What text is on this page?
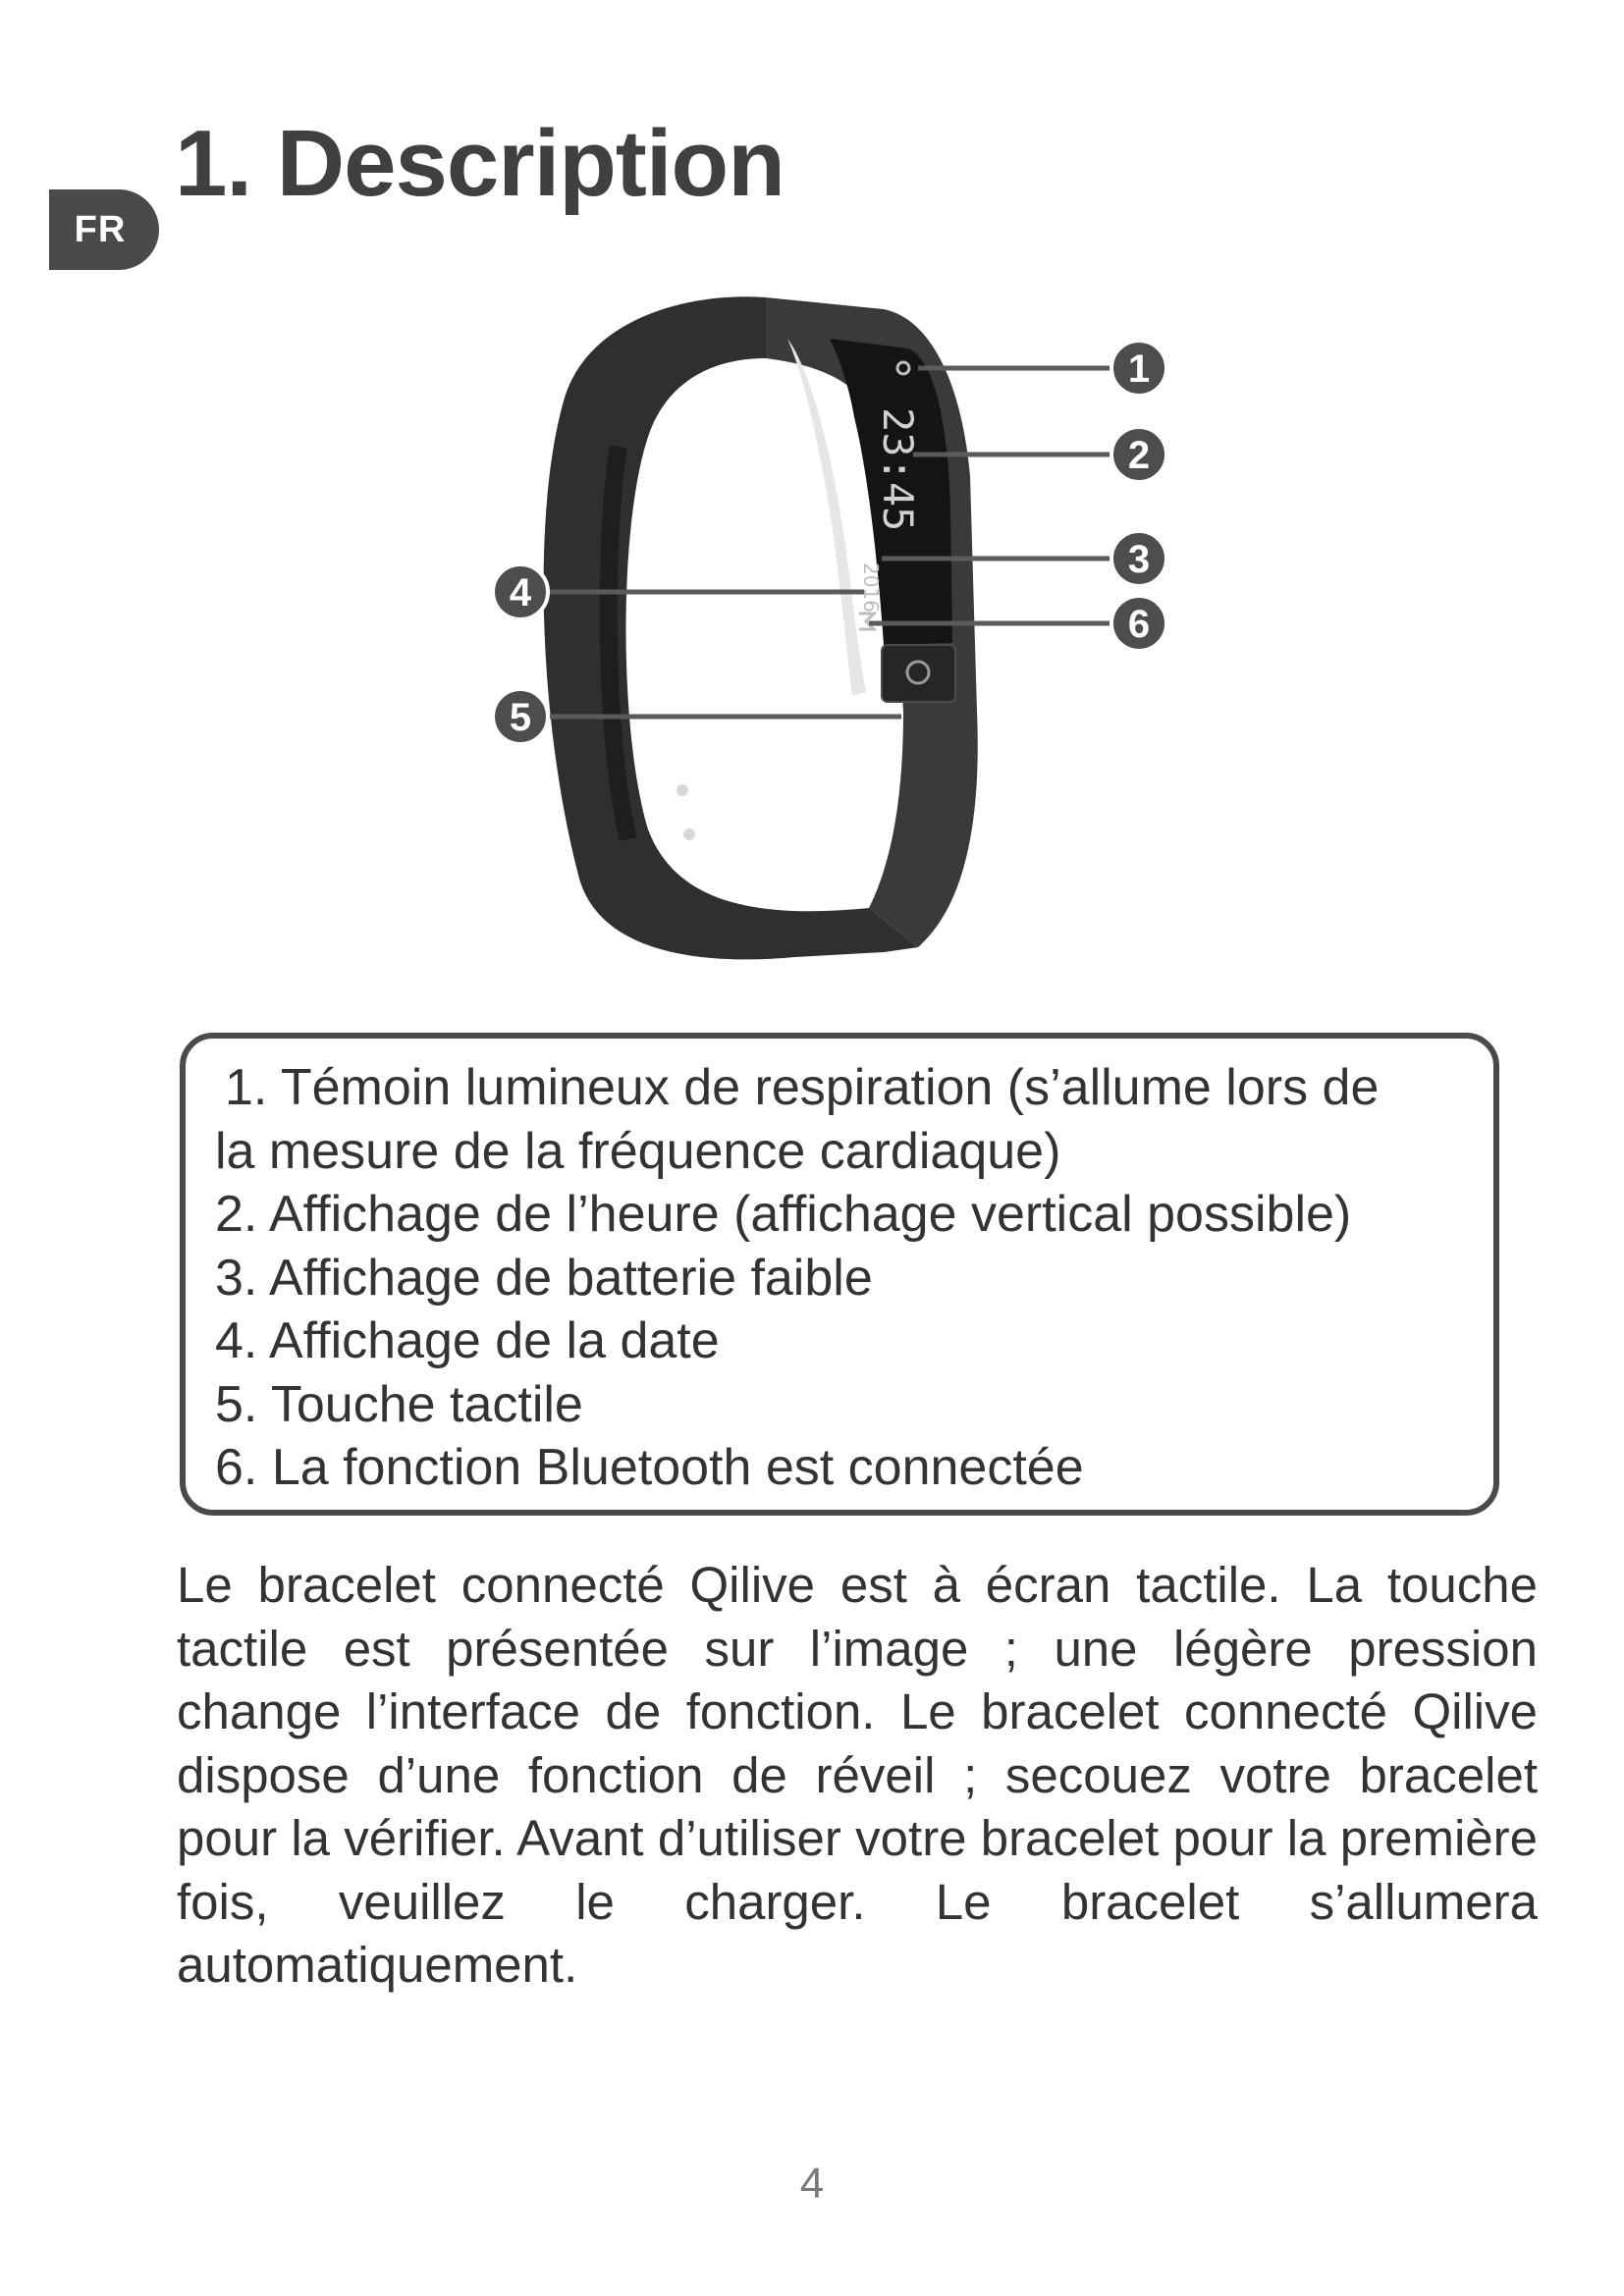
FR
1. Description
23:45
2016
1
2
3
6
4
5
1. Témoin lumineux de respiration (s’allume lors de
la mesure de la fréquence cardiaque)
2. Affichage de l’heure (affichage vertical possible)
3. Affichage de batterie faible
4. Affichage de la date
5. Touche tactile
6. La fonction Bluetooth est connectée

Le bracelet connecté Qilive est à écran tactile. La touche tactile est présentée sur l’image ; une légère pression change l’interface de fonction. Le bracelet connecté Qilive dispose d’une fonction de réveil ; secouez votre bracelet pour la vérifier. Avant d’utiliser votre bracelet pour la première fois, veuillez le charger. Le bracelet s’allumera automatiquement.

4
